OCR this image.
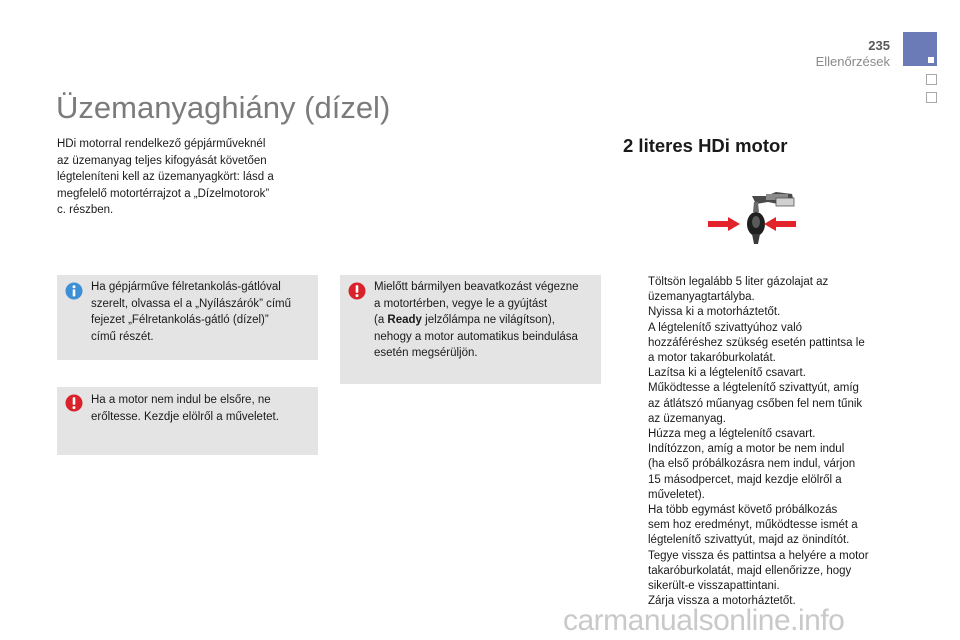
235
Ellenőrzések
Üzemanyaghiány (dízel)

HDi motorral rendelkező gépjárműveknél
az üzemanyag teljes kifogyását követően
légteleníteni kell az üzemanyagkört: lásd a
megfelelő motortérrajzot a „Dízelmotorok”
c. részben.

Ha gépjárműve félretankolás-gátlóval
szerelt, olvassa el a „Nyílászárók” című
fejezet „Félretankolás-gátló (dízel)”
című részét.

Ha a motor nem indul be elsőre, ne
erőltesse. Kezdje elölről a műveletet.

Mielőtt bármilyen beavatkozást végezne
a motortérben, vegye le a gyújtást
(a Ready jelzőlámpa ne világítson),
nehogy a motor automatikus beindulása
esetén megsérüljön.

2 literes HDi motor
Töltsön legalább 5 liter gázolajat az
üzemanyagtartályba.
Nyissa ki a motorháztetőt.
A légtelenítő szivattyúhoz való
hozzáféréshez szükség esetén pattintsa le
a motor takaróburkolatát.
Lazítsa ki a légtelenítő csavart.
Működtesse a légtelenítő szivattyút, amíg
az átlátszó műanyag csőben fel nem tűnik
az üzemanyag.
Húzza meg a légtelenítő csavart.
Indítózzon, amíg a motor be nem indul
(ha első próbálkozásra nem indul, várjon
15 másodpercet, majd kezdje elölről a
műveletet).
Ha több egymást követő próbálkozás
sem hoz eredményt, működtesse ismét a
légtelenítő szivattyút, majd az önindítót.
Tegye vissza és pattintsa a helyére a motor
takaróburkolatát, majd ellenőrizze, hogy
sikerült-e visszapattintani.
Zárja vissza a motorháztetőt.
carmanualsonline.info
